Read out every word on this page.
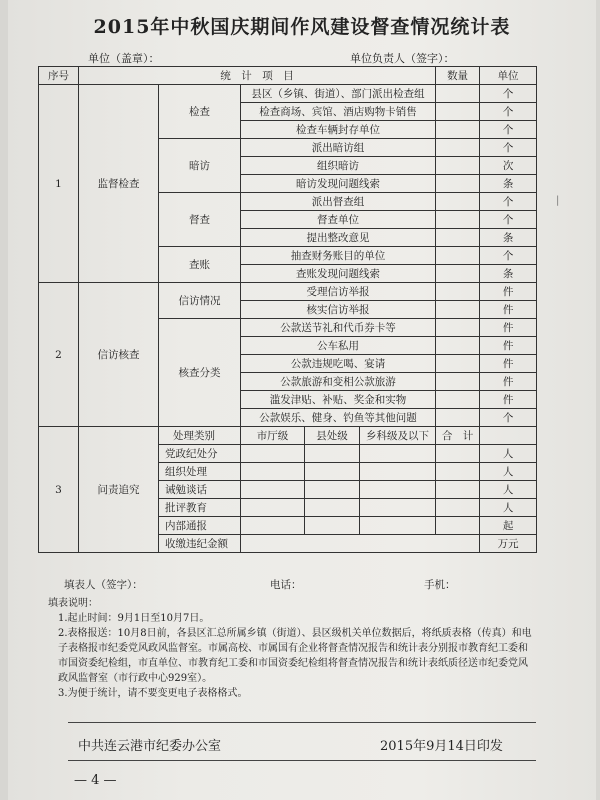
2015年中秋国庆期间作风建设督查情况统计表
单位（盖章）：	单位负责人（签字）：
|
序号	统　计　项　目					数量	单位
1	监督检查	检查	县区（乡镇、街道）、部门派出检查组				个
			检查商场、宾馆、酒店购物卡销售				个
			检查车辆封存单位				个
		暗访	派出暗访组				个
			组织暗访				次
			暗访发现问题线索				条
		督查	派出督查组				个
			督查单位				个
			提出整改意见				条
		查账	抽查财务账目的单位				个
			查账发现问题线索				条
2	信访核查	信访情况	受理信访举报				件
			核实信访举报				件
		核查分类	公款送节礼和代币券卡等				件
			公车私用				件
			公款违规吃喝、宴请				件
			公款旅游和变相公款旅游				件
			滥发津贴、补贴、奖金和实物				件
			公款娱乐、健身、钓鱼等其他问题				个
3	问责追究	处理类别	市厅级	县处级	乡科级及以下	合　计	
		党政纪处分					人
		组织处理					人
		诫勉谈话					人
		批评教育					人
		内部通报					起
		收缴违纪金额					万元
填表人（签字）：	电话：	手机：

填表说明：

1.起止时间：9月1日至10月7日。

2.表格报送：10月8日前，各县区汇总所属乡镇（街道）、县区级机关单位数据后，将纸质表格（传真）和电子表格报市纪委党风政风监督室。市属高校、市属国有企业将督查情况报告和统计表分别报市教育纪工委和市国资委纪检组，市直单位、市教育纪工委和市国资委纪检组将督查情况报告和统计表纸质径送市纪委党风政风监督室（市行政中心929室）。

3.为便于统计，请不要变更电子表格格式。

中共连云港市纪委办公室	2015年9月14日印发
— 4 —
